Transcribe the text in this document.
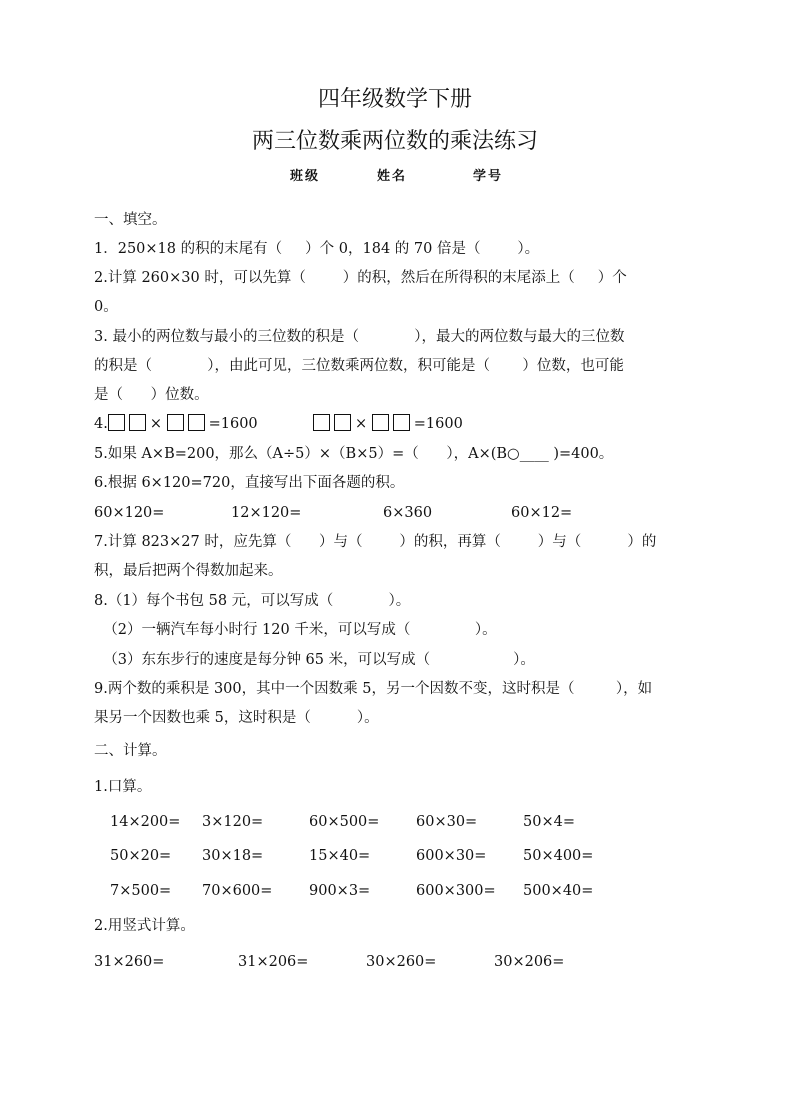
四年级数学下册
两三位数乘两位数的乘法练习
班级	姓名	学号
一、填空。
1．250×18 的积的末尾有（     ）个 0，184 的 70 倍是（        ）。
2.计算 260×30 时，可以先算（        ）的积，然后在所得积的末尾添上（     ）个
0。
3. 最小的两位数与最小的三位数的积是（            ），最大的两位数与最大的三位数
的积是（            ），由此可见，三位数乘两位数，积可能是（       ）位数，也可能
是（      ）位数。
4.	×	=1600	×	=1600
5.如果 A×B=200，那么（A÷5）×（B×5）=（      ），A×(B○____ )=400。
6.根据 6×120=720，直接写出下面各题的积。
60×120=	12×120=	6×360	60×12=
7.计算 823×27 时，应先算（      ）与（        ）的积，再算（        ）与（          ）的
积，最后把两个得数加起来。
8.（1）每个书包 58 元，可以写成（            ）。
（2）一辆汽车每小时行 120 千米，可以写成（              ）。
（3）东东步行的速度是每分钟 65 米，可以写成（                  ）。
9.两个数的乘积是 300，其中一个因数乘 5，另一个因数不变，这时积是（         ），如
果另一个因数也乘 5，这时积是（          ）。
二、计算。
1.口算。
14×200= 3×120=	60×500=	60×30=	50×4=
50×20= 30×18=	15×40=	600×30=	50×400=
7×500= 70×600=	900×3=	600×300= 500×40=
2.用竖式计算。
31×260=	31×206=	30×260=	30×206=
